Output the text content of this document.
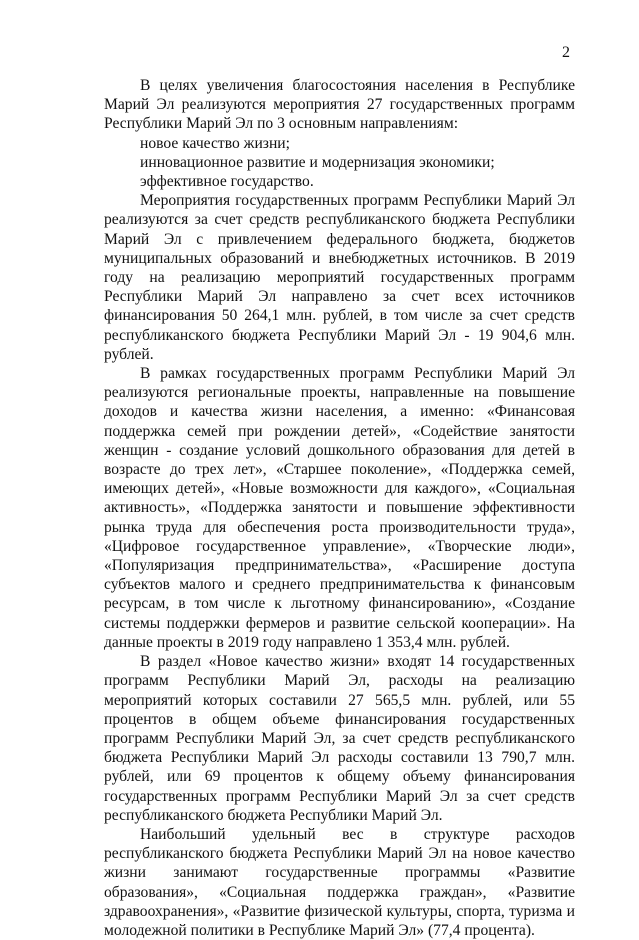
2

В целях увеличения благосостояния населения в Республике Марий Эл реализуются мероприятия 27 государственных программ Республики Марий Эл по 3 основным направлениям:

новое качество жизни;

инновационное развитие и модернизация экономики;

эффективное государство.

Мероприятия государственных программ Республики Марий Эл реализуются за счет средств республиканского бюджета Республики Марий Эл с привлечением федерального бюджета, бюджетов муниципальных образований и внебюджетных источников. В 2019 году на реализацию мероприятий государственных программ Республики Марий Эл направлено за счет всех источников финансирования 50 264,1 млн. рублей, в том числе за счет средств республиканского бюджета Республики Марий Эл - 19 904,6 млн. рублей.

В рамках государственных программ Республики Марий Эл реализуются региональные проекты, направленные на повышение доходов и качества жизни населения, а именно: «Финансовая поддержка семей при рождении детей», «Содействие занятости женщин - создание условий дошкольного образования для детей в возрасте до трех лет», «Старшее поколение», «Поддержка семей, имеющих детей», «Новые возможности для каждого», «Социальная активность», «Поддержка занятости и повышение эффективности рынка труда для обеспечения роста производительности труда», «Цифровое государственное управление», «Творческие люди», «Популяризация предпринимательства», «Расширение доступа субъектов малого и среднего предпринимательства к финансовым ресурсам, в том числе к льготному финансированию», «Создание системы поддержки фермеров и развитие сельской кооперации». На данные проекты в 2019 году направлено 1 353,4 млн. рублей.

В раздел «Новое качество жизни» входят 14 государственных программ Республики Марий Эл, расходы на реализацию мероприятий которых составили 27 565,5 млн. рублей, или 55 процентов в общем объеме финансирования государственных программ Республики Марий Эл, за счет средств республиканского бюджета Республики Марий Эл расходы составили 13 790,7 млн. рублей, или 69 процентов к общему объему финансирования государственных программ Республики Марий Эл за счет средств республиканского бюджета Республики Марий Эл.

Наибольший удельный вес в структуре расходов республиканского бюджета Республики Марий Эл на новое качество жизни занимают государственные программы «Развитие образования», «Социальная поддержка граждан», «Развитие здравоохранения», «Развитие физической культуры, спорта, туризма и молодежной политики в Республике Марий Эл» (77,4 процента).
